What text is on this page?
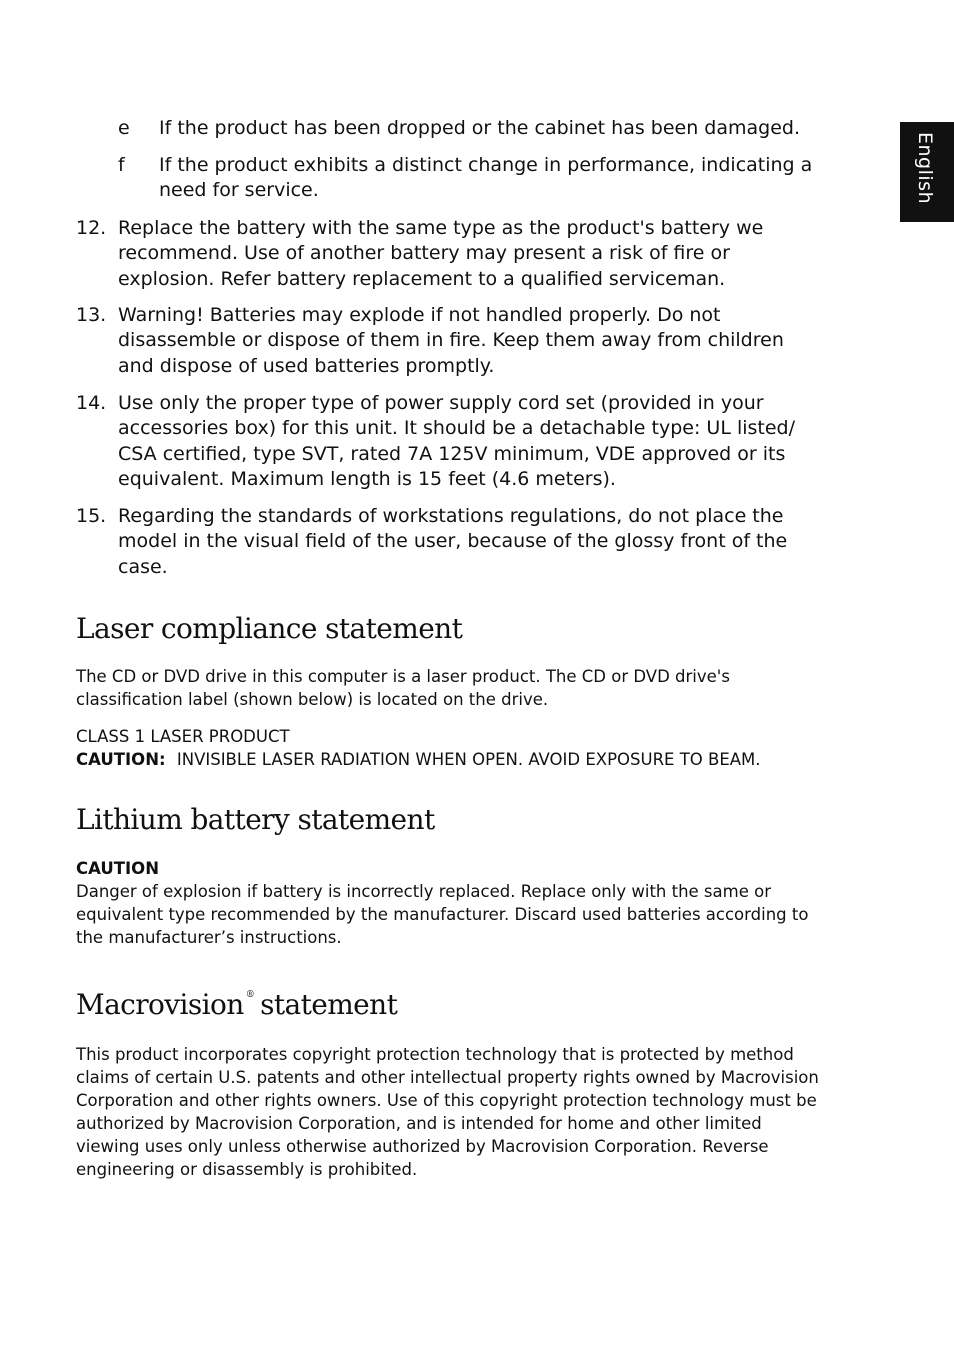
English
e If the product has been dropped or the cabinet has been damaged.
f If the product exhibits a distinct change in performance, indicating a need for service.
12. Replace the battery with the same type as the product's battery we recommend. Use of another battery may present a risk of fire or explosion. Refer battery replacement to a qualified serviceman.
13. Warning! Batteries may explode if not handled properly. Do not disassemble or dispose of them in fire. Keep them away from children and dispose of used batteries promptly.
14. Use only the proper type of power supply cord set (provided in your accessories box) for this unit. It should be a detachable type: UL listed/ CSA certified, type SVT, rated 7A 125V minimum, VDE approved or its equivalent. Maximum length is 15 feet (4.6 meters).
15. Regarding the standards of workstations regulations, do not place the model in the visual field of the user, because of the glossy front of the case.
Laser compliance statement
The CD or DVD drive in this computer is a laser product. The CD or DVD drive's classification label (shown below) is located on the drive.
CLASS 1 LASER PRODUCT
CAUTION: INVISIBLE LASER RADIATION WHEN OPEN. AVOID EXPOSURE TO BEAM.
Lithium battery statement
CAUTION
Danger of explosion if battery is incorrectly replaced. Replace only with the same or equivalent type recommended by the manufacturer. Discard used batteries according to the manufacturer’s instructions.
Macrovision ® statement
This product incorporates copyright protection technology that is protected by method claims of certain U.S. patents and other intellectual property rights owned by Macrovision Corporation and other rights owners. Use of this copyright protection technology must be authorized by Macrovision Corporation, and is intended for home and other limited viewing uses only unless otherwise authorized by Macrovision Corporation. Reverse engineering or disassembly is prohibited.
